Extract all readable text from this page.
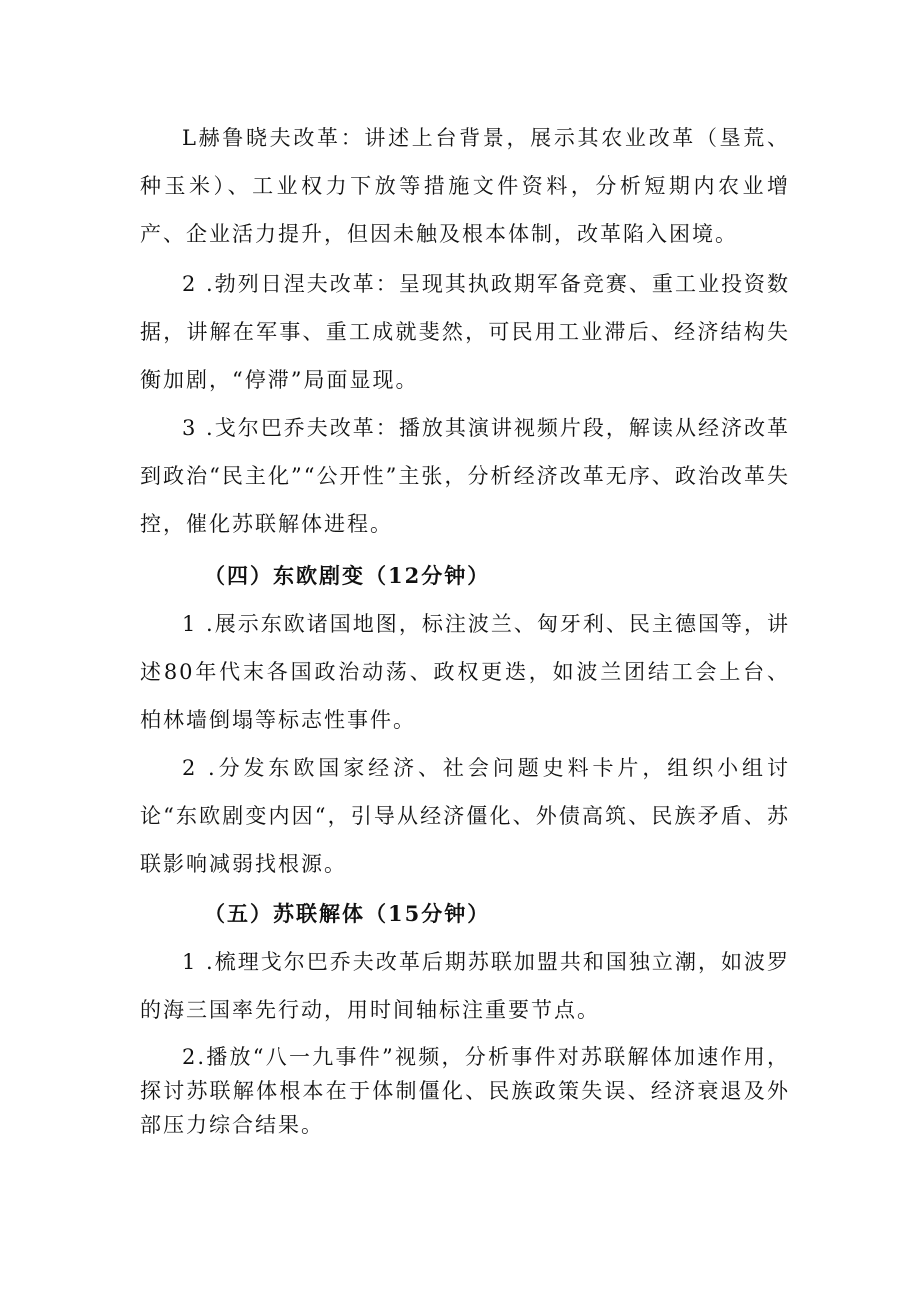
L赫鲁晓夫改革：讲述上台背景，展示其农业改革（垦荒、种玉米）、工业权力下放等措施文件资料，分析短期内农业增产、企业活力提升，但因未触及根本体制，改革陷入困境。

2 .勃列日涅夫改革：呈现其执政期军备竞赛、重工业投资数据，讲解在军事、重工成就斐然，可民用工业滞后、经济结构失衡加剧，“停滞”局面显现。

3 .戈尔巴乔夫改革：播放其演讲视频片段，解读从经济改革到政治“民主化”“公开性”主张，分析经济改革无序、政治改革失控，催化苏联解体进程。

（四）东欧剧变（12分钟）

1 .展示东欧诸国地图，标注波兰、匈牙利、民主德国等，讲述80年代末各国政治动荡、政权更迭，如波兰团结工会上台、柏林墙倒塌等标志性事件。

2 .分发东欧国家经济、社会问题史料卡片，组织小组讨论“东欧剧变内因“，引导从经济僵化、外债高筑、民族矛盾、苏联影响减弱找根源。

（五）苏联解体（15分钟）

1 .梳理戈尔巴乔夫改革后期苏联加盟共和国独立潮，如波罗的海三国率先行动，用时间轴标注重要节点。

2.播放“八一九事件”视频，分析事件对苏联解体加速作用，探讨苏联解体根本在于体制僵化、民族政策失误、经济衰退及外部压力综合结果。
